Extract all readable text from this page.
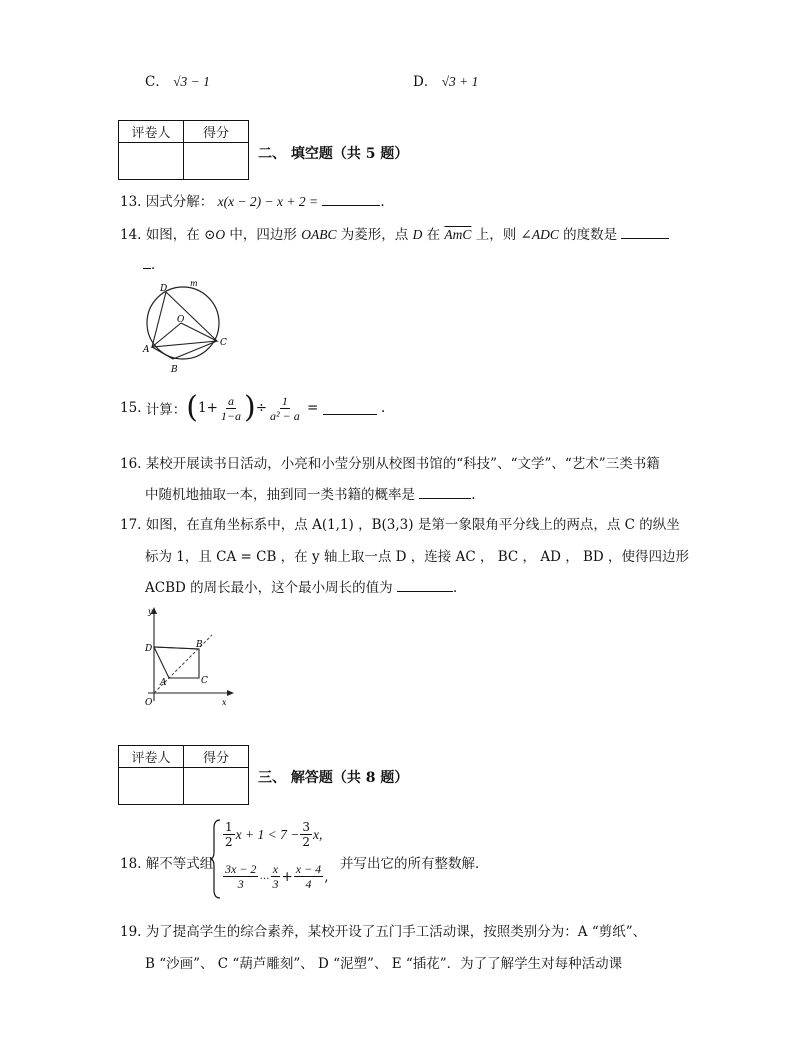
C． √3 − 1	D． √3 + 1
评卷人	得分

二、 填空题（共 5 题）
13. 因式分解： x(x − 2) − x + 2 =	.
14. 如图，在 ⊙O 中，四边形 OABC 为菱形，点 D 在 $\overline{AmC}$ 上，则 ∠ADC 的度数是
．
D
m
O
A
C
B
15.
计算： ( $1+ \frac{a}{1-a}$ ) ÷ $\frac{1}{\text{a² − a}}$
=

	.
16. 某校开展读书日活动，小亮和小莹分别从校图书馆的“科技”、“文学”、“艺术”三类书籍
中随机地抽取一本，抽到同一类书籍的概率是	.
17. 如图，在直角坐标系中，点 A(1,1) ，B(3,3) 是第一象限角平分线上的两点，点 C 的纵坐
标为 1，且 CA = CB ，在 y 轴上取一点 D ，连接 AC ， BC ， AD ， BD ，使得四边形
ACBD 的周长最小，这个最小周长的值为	.
y
D	B
A	C
O	x
评卷人	得分

三、 解答题（共 8 题）
18. 解不等式组
$\frac{1}{2}$ $x + 1 < 7 - \frac{3}{2} x$,
$\frac{3x - 2}{3}$ … $\frac{x}{3} + \frac{x - 4}{4}$ ,
并写出它的所有整数解．
19. 为了提高学生的综合素养，某校开设了五门手工活动课，按照类别分为：A “剪纸”、
B “沙画”、 C “葫芦雕刻”、 D “泥塑”、 E “插花”．为了了解学生对每种活动课
